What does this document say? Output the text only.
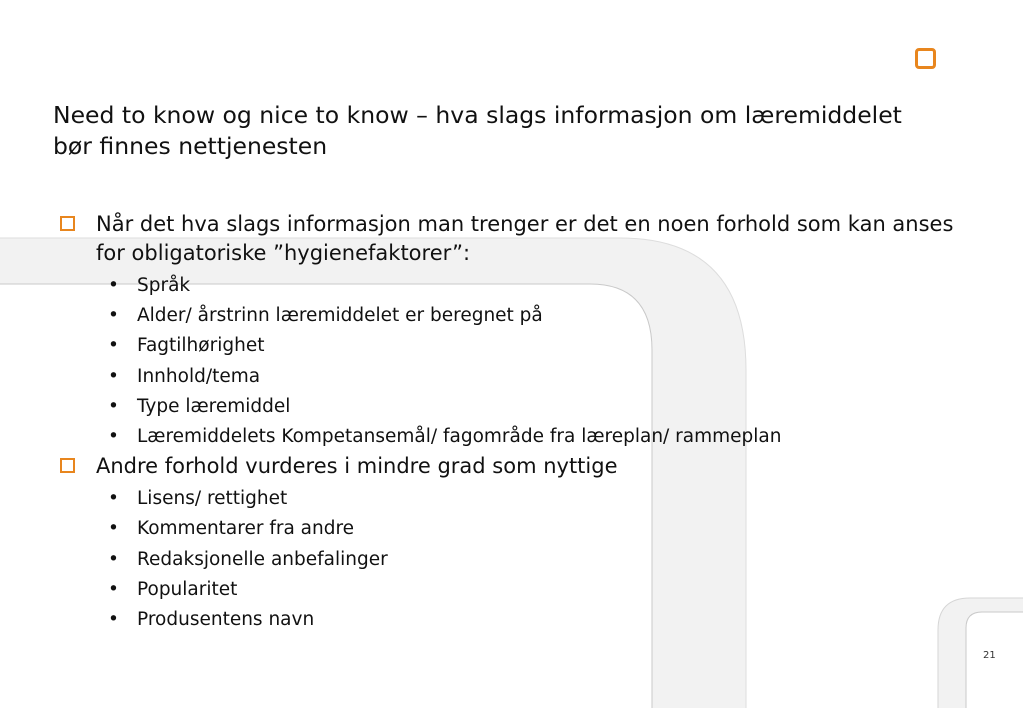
Need to know og nice to know – hva slags informasjon om læremiddelet bør finnes nettjenesten
Når det hva slags informasjon man trenger er det en noen forhold som kan anses for obligatoriske ”hygienefaktorer”:
• Språk
• Alder/ årstrinn læremiddelet er beregnet på
• Fagtilhørighet
• Innhold/tema
• Type læremiddel
• Læremiddelets Kompetansemål/ fagområde fra læreplan/ rammeplan
Andre forhold vurderes i mindre grad som nyttige
• Lisens/ rettighet
• Kommentarer fra andre
• Redaksjonelle anbefalinger
• Popularitet
• Produsentens navn
21
